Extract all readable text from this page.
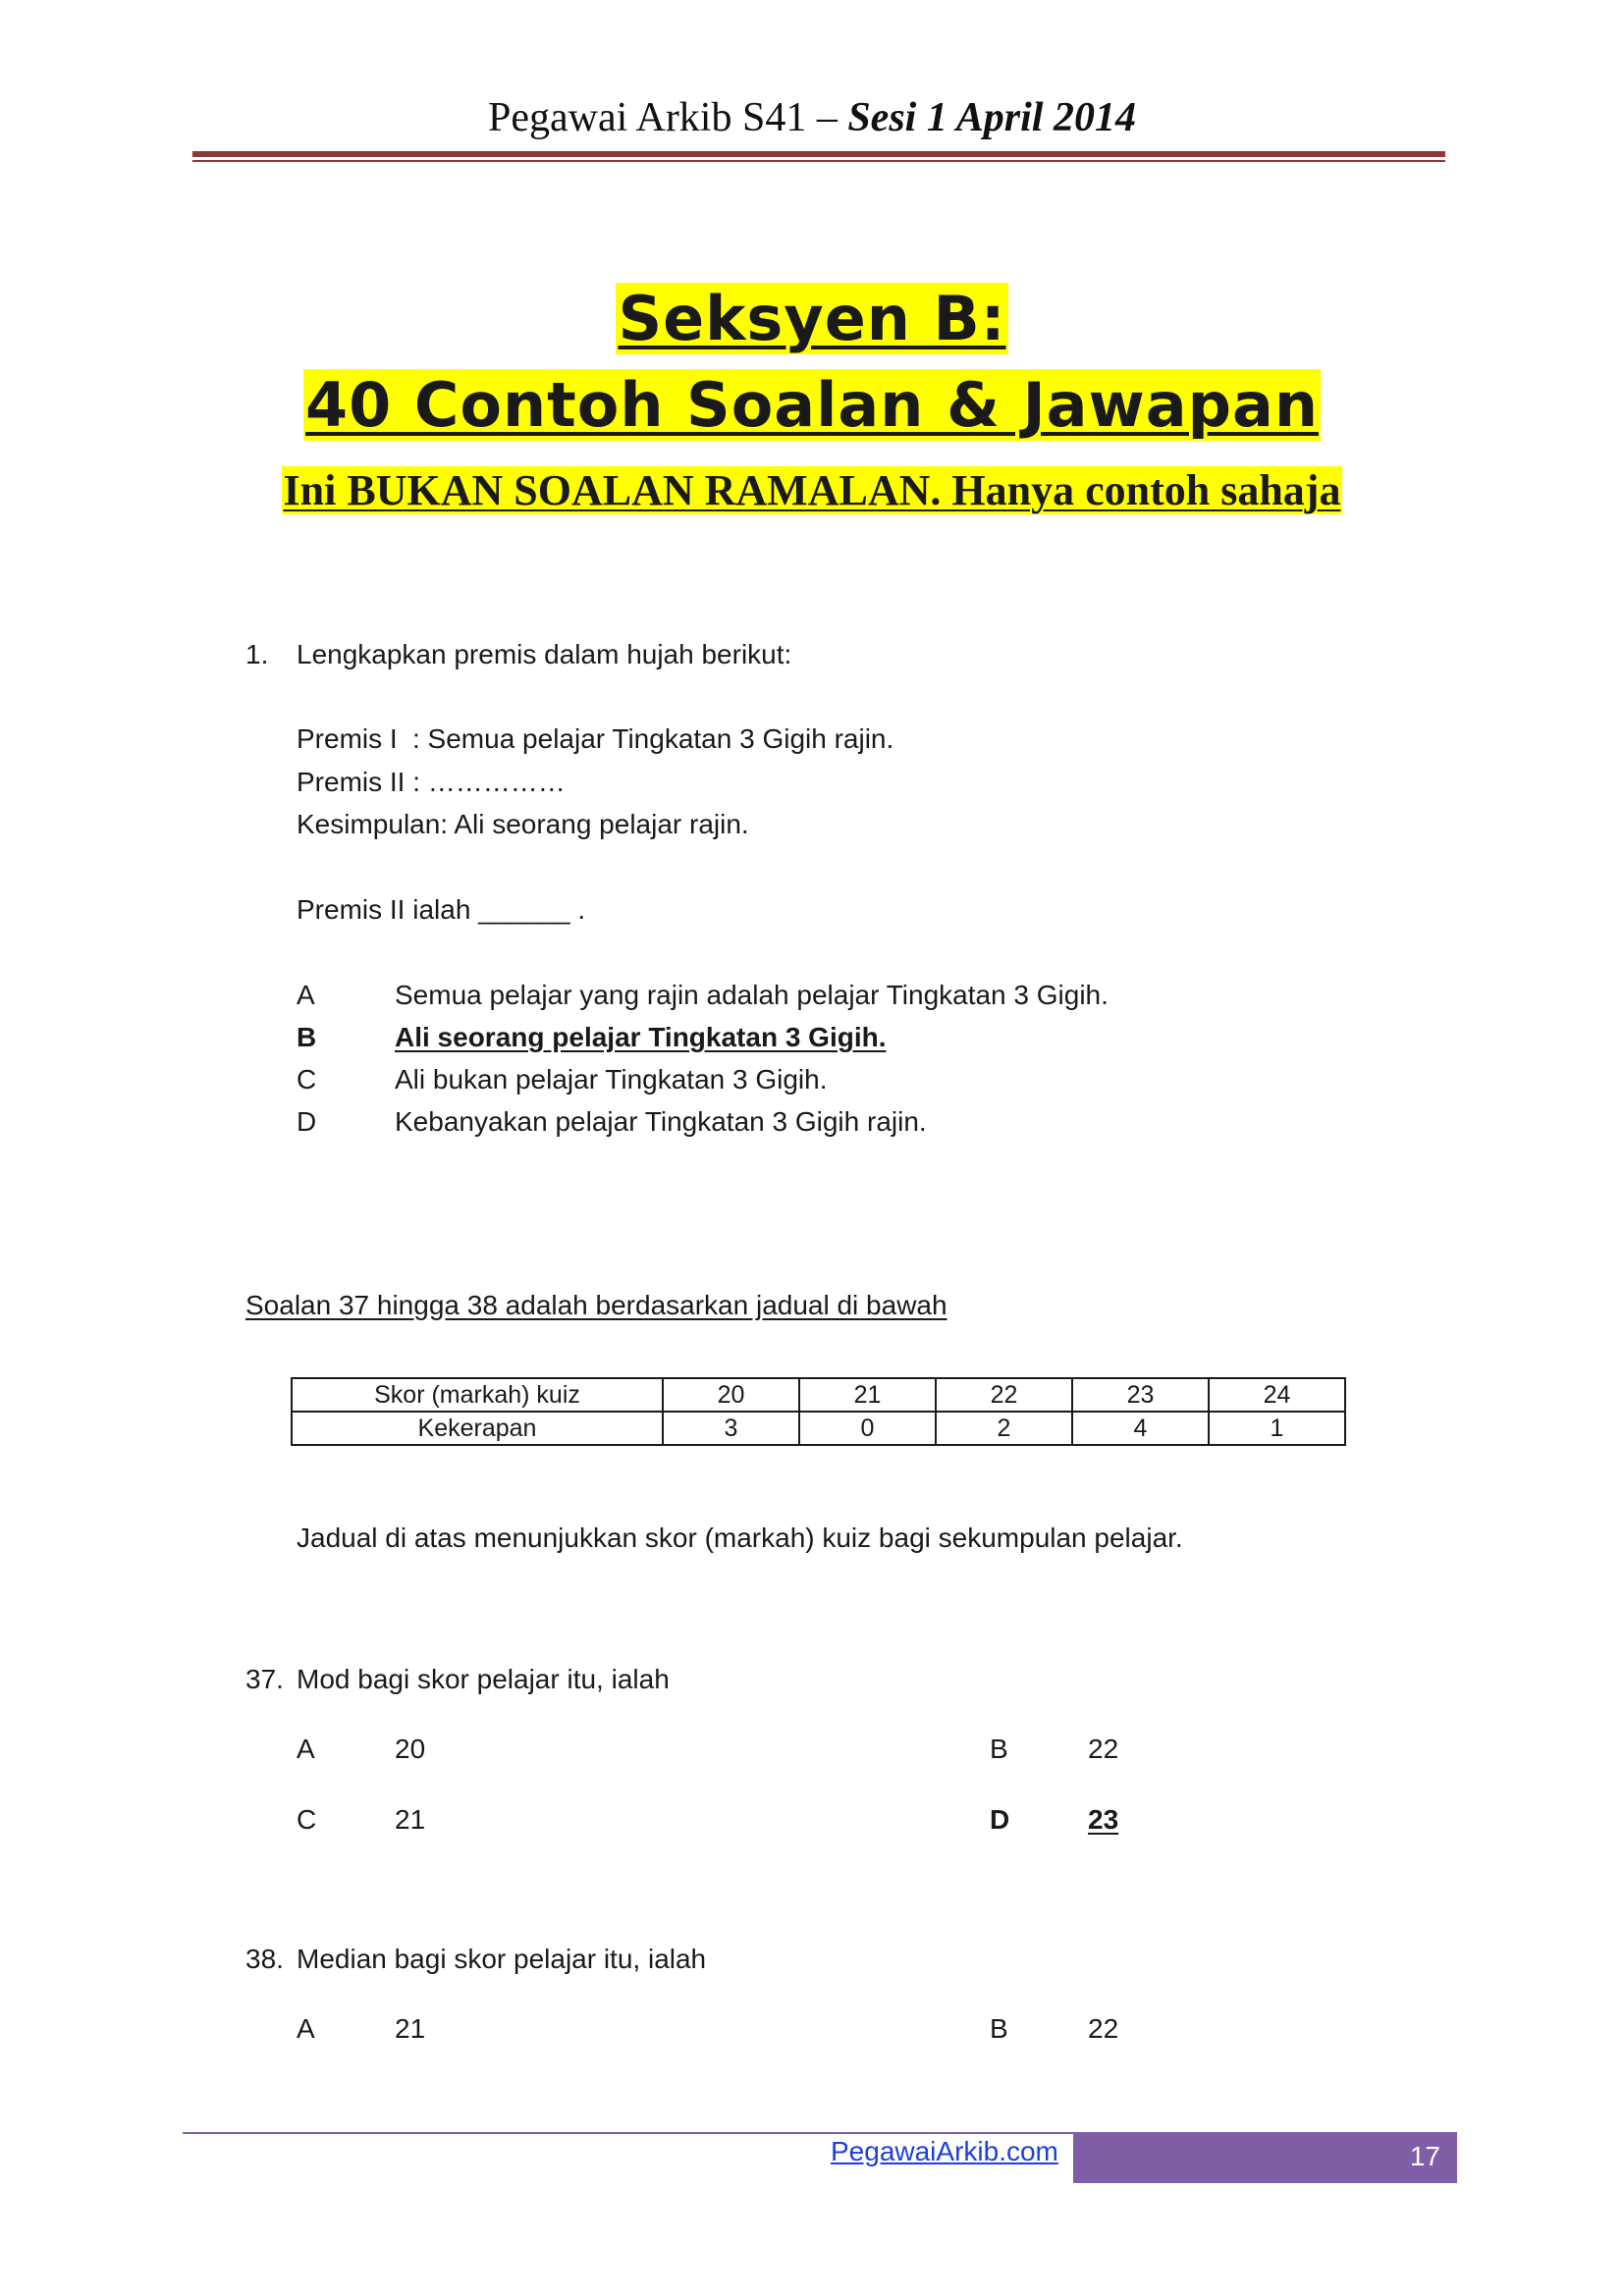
Pegawai Arkib S41 – Sesi 1 April 2014
Seksyen B:
40 Contoh Soalan & Jawapan
Ini BUKAN SOALAN RAMALAN. Hanya contoh sahaja
1. Lengkapkan premis dalam hujah berikut:
Premis I : Semua pelajar Tingkatan 3 Gigih rajin.
Premis II : ……………
Kesimpulan: Ali seorang pelajar rajin.
Premis II ialah ______ .
A	Semua pelajar yang rajin adalah pelajar Tingkatan 3 Gigih.
B	Ali seorang pelajar Tingkatan 3 Gigih.
C	Ali bukan pelajar Tingkatan 3 Gigih.
D	Kebanyakan pelajar Tingkatan 3 Gigih rajin.
Soalan 37 hingga 38 adalah berdasarkan jadual di bawah
Skor (markah) kuiz	20	21	22	23	24
Kekerapan	3	0	2	4	1
Jadual di atas menunjukkan skor (markah) kuiz bagi sekumpulan pelajar.
37. Mod bagi skor pelajar itu, ialah
A	20	B	22
C	21	D	23
38. Median bagi skor pelajar itu, ialah
A	21	B	22
PegawaiArkib.com	17
